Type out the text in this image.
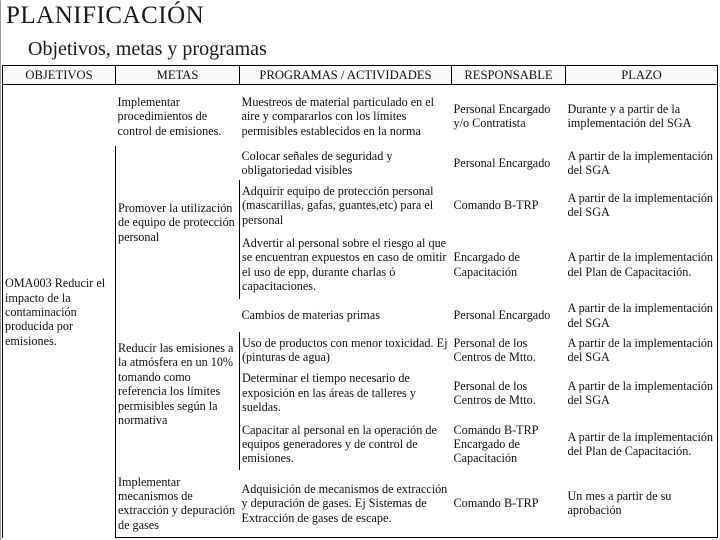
PLANIFICACIÓN
Objetivos, metas y programas
OBJETIVOS	METAS	PROGRAMAS / ACTIVIDADES	RESPONSABLE	PLAZO
OMA003 Reducir el impacto de la contaminación producida por emisiones.	Implementar procedimientos de control de emisiones.	Muestreos de material particulado en el aire y compararlos con los límites permisibles establecidos en la norma	Personal Encargado y/o Contratista	Durante y a partir de la implementación del SGA
	Promover la utilización de equipo de protección personal	Colocar señales de seguridad y obligatoriedad visibles	Personal Encargado	A partir de la implementación del SGA
		Adquirir equipo de protección personal (mascarillas, gafas, guantes,etc) para el personal	Comando B-TRP	A partir de la implementación del SGA
		Advertir al personal sobre el riesgo al que se encuentran expuestos en caso de omitir el uso de epp, durante charlas ó capacitaciones.	Encargado de Capacitación	A partir de la implementación del Plan de Capacitación.
	Reducir las emisiones a la atmósfera en un 10% tomando como referencia los límites permisibles según la normativa	Cambios de materias primas	Personal Encargado	A partir de la implementación del SGA
		Uso de productos con menor toxicidad. Ej (pinturas de agua)	Personal de los Centros de Mtto.	A partir de la implementación del SGA
		Determinar el tiempo necesario de exposición en las áreas de talleres y sueldas.	Personal de los Centros de Mtto.	A partir de la implementación del SGA
		Capacitar al personal en la operación de equipos generadores y de control de emisiones.	Comando B-TRP Encargado de Capacitación	A partir de la implementación del Plan de Capacitación.
	Implementar mecanismos de extracción y depuración de gases	Adquisición de mecanismos de extracción y depuración de gases. Ej Sistemas de Extracción de gases de escape.	Comando B-TRP	Un mes a partir de su aprobación
